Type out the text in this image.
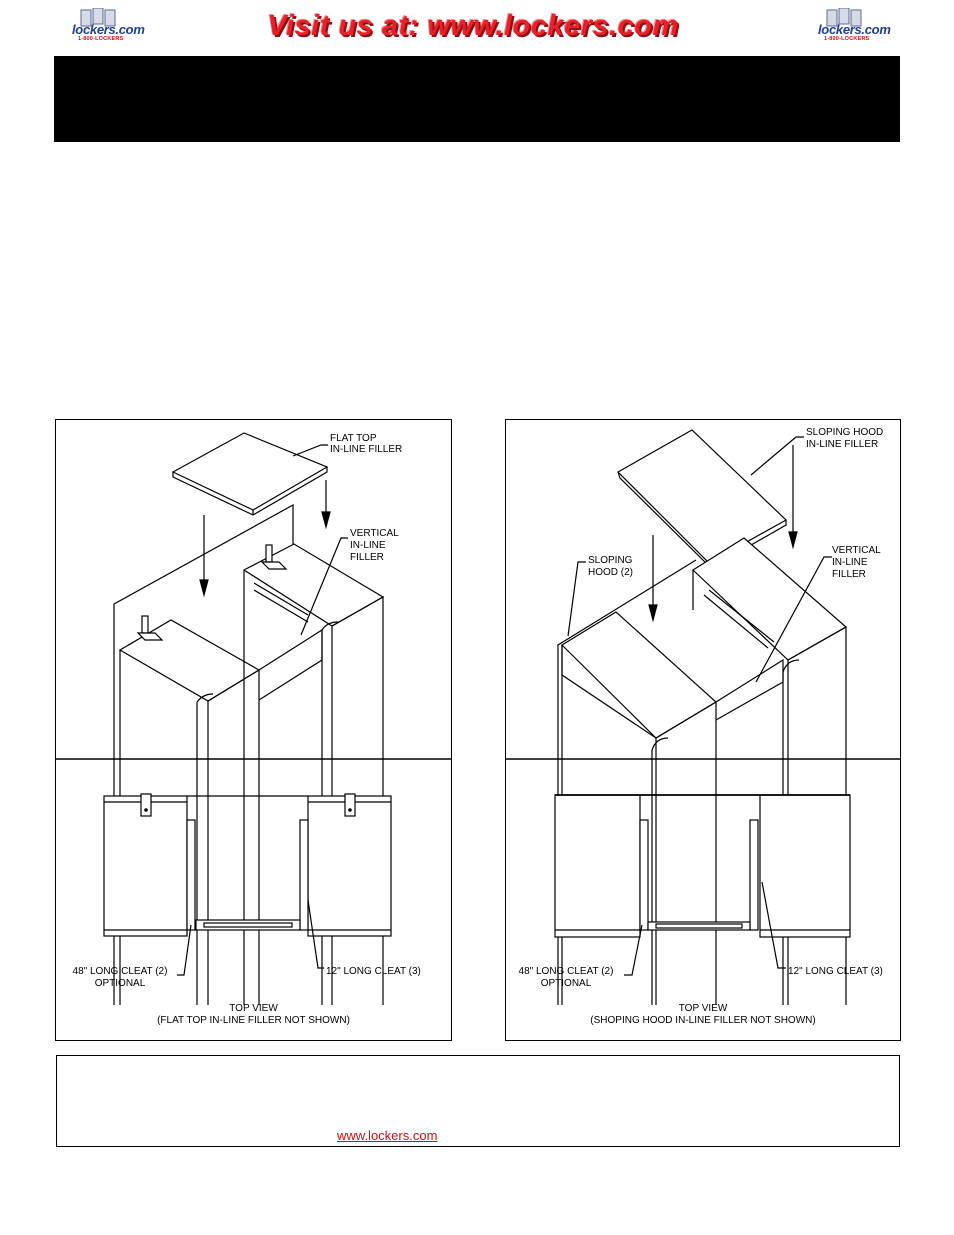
lockers.com
1-800-LOCKERS
lockers.com
1-800-LOCKERS
Visit us at: www.lockers.com
FLAT TOP
IN-LINE FILLER
VERTICAL
IN-LINE
FILLER
48" LONG CLEAT (2)
OPTIONAL
12" LONG CLEAT (3)
TOP VIEW
(FLAT TOP IN-LINE FILLER NOT SHOWN)
SLOPING HOOD
IN-LINE FILLER
SLOPING
HOOD (2)
VERTICAL
IN-LINE
FILLER
48" LONG CLEAT (2)
OPTIONAL
12" LONG CLEAT (3)
TOP VIEW
(SHOPING HOOD IN-LINE FILLER NOT SHOWN)
www.lockers.com
